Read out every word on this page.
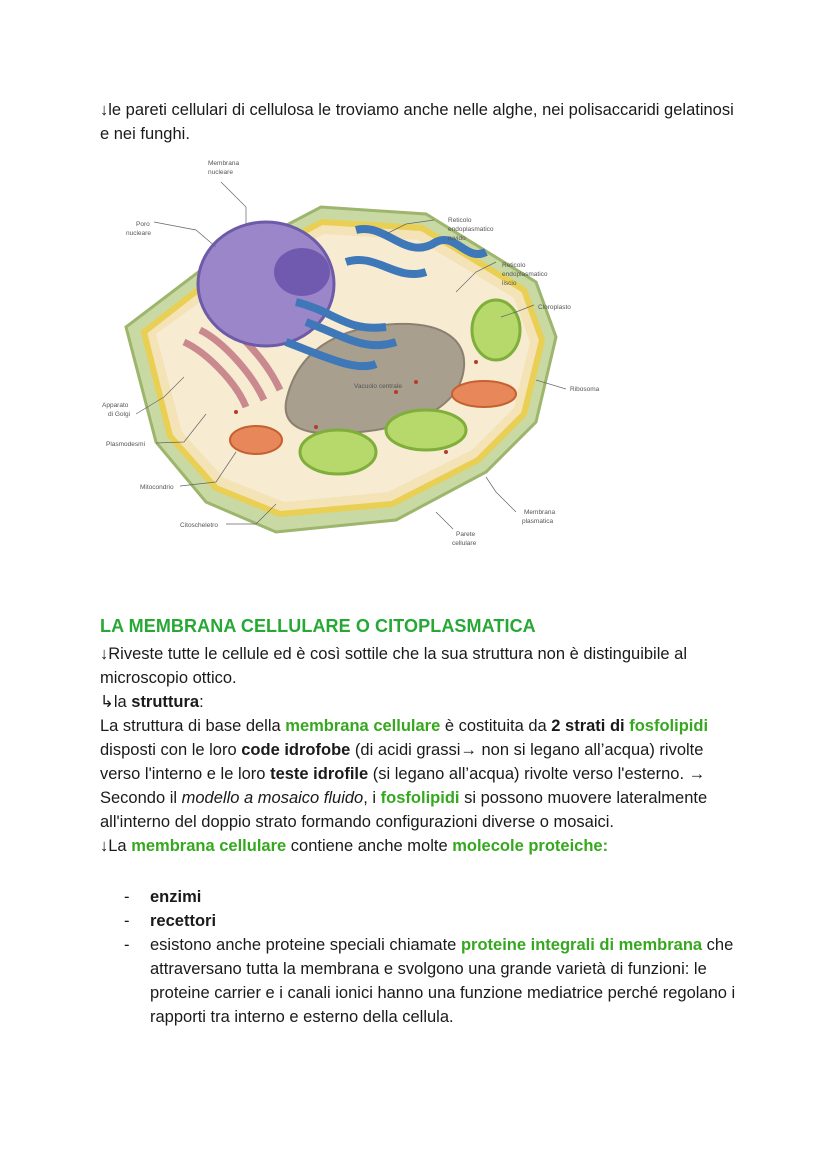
↓le pareti cellulari di cellulosa le troviamo anche nelle alghe, nei polisaccaridi gelatinosi e nei funghi.
Membrana
nucleare
Poro
nucleare
Reticolo
endoplasmatico
ruvido
Reticolo
endoplasmatico
liscio
Cloroplasto
Ribosoma
Vacuolo centrale
Apparato
di Golgi
Plasmodesmi
Mitocondrio
Citoscheletro
Parete
cellulare
Membrana
plasmatica
LA MEMBRANA CELLULARE O CITOPLASMATICA
↓Riveste tutte le cellule ed è così sottile che la sua struttura non è distinguibile al microscopio ottico.
↳la struttura:
La struttura di base della membrana cellulare è costituita da 2 strati di fosfolipidi disposti con le loro code idrofobe (di acidi grassi→ non si legano all’acqua) rivolte verso l'interno e le loro teste idrofile (si legano all’acqua) rivolte verso l'esterno. → Secondo il modello a mosaico fluido, i fosfolipidi si possono muovere lateralmente all'interno del doppio strato formando configurazioni diverse o mosaici.
↓La membrana cellulare contiene anche molte molecole proteiche:
- enzimi
- recettori
- esistono anche proteine speciali chiamate proteine integrali di membrana che attraversano tutta la membrana e svolgono una grande varietà di funzioni: le proteine carrier e i canali ionici hanno una funzione mediatrice perché regolano i rapporti tra interno e esterno della cellula.
